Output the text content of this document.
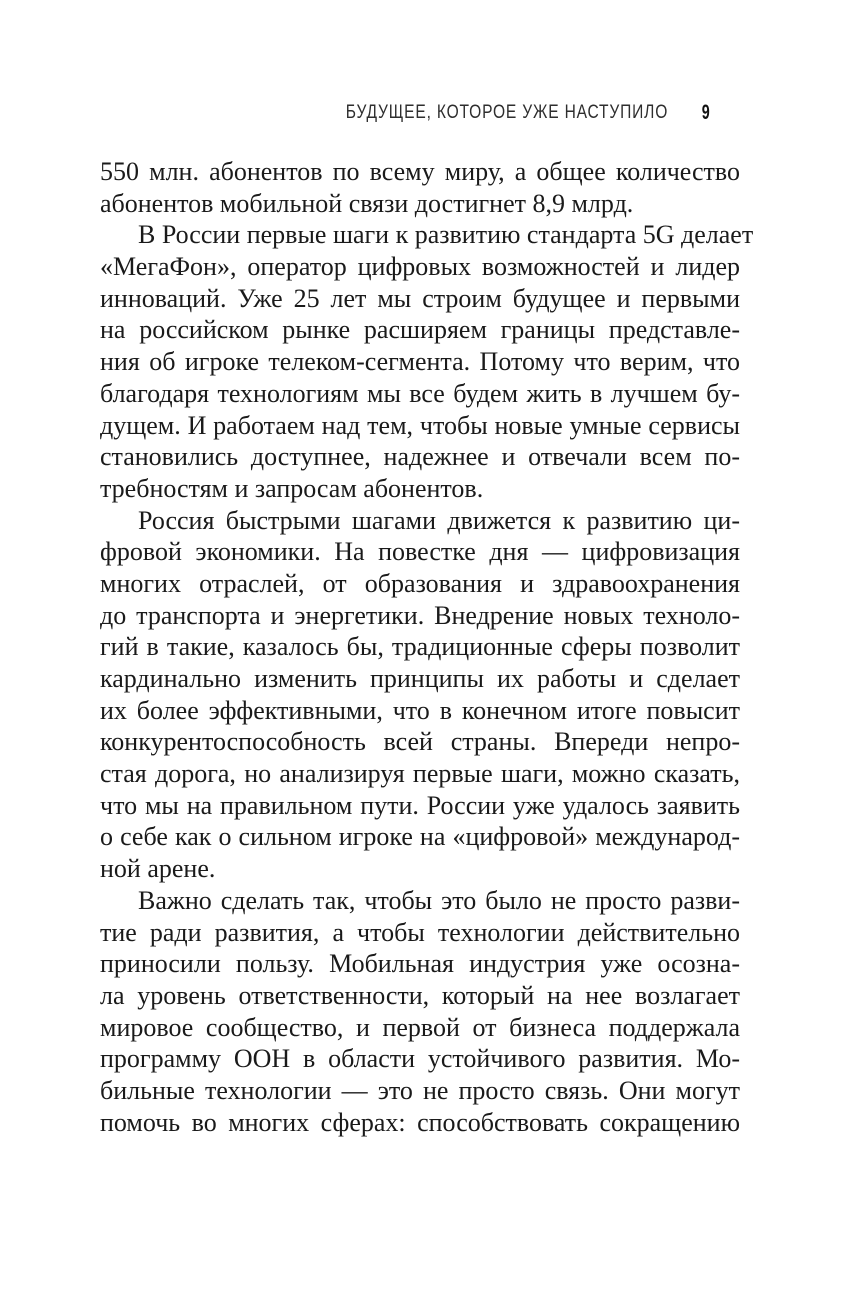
БУДУЩЕЕ, КОТОРОЕ УЖЕ НАСТУПИЛО 9
550 млн. абонентов по всему миру, а общее количество
абонентов мобильной связи достигнет 8,9 млрд.
В России первые шаги к развитию стандарта 5G делает
«МегаФон», оператор цифровых возможностей и лидер
инноваций. Уже 25 лет мы строим будущее и первыми
на российском рынке расширяем границы представле-
ния об игроке телеком-сегмента. Потому что верим, что
благодаря технологиям мы все будем жить в лучшем бу-
дущем. И работаем над тем, чтобы новые умные сервисы
становились доступнее, надежнее и отвечали всем по-
требностям и запросам абонентов.
Россия быстрыми шагами движется к развитию ци-
фровой экономики. На повестке дня — цифровизация
многих отраслей, от образования и здравоохранения
до транспорта и энергетики. Внедрение новых техноло-
гий в такие, казалось бы, традиционные сферы позволит
кардинально изменить принципы их работы и сделает
их более эффективными, что в конечном итоге повысит
конкурентоспособность всей страны. Впереди непро-
стая дорога, но анализируя первые шаги, можно сказать,
что мы на правильном пути. России уже удалось заявить
о себе как о сильном игроке на «цифровой» международ-
ной арене.
Важно сделать так, чтобы это было не просто разви-
тие ради развития, а чтобы технологии действительно
приносили пользу. Мобильная индустрия уже осозна-
ла уровень ответственности, который на нее возлагает
мировое сообщество, и первой от бизнеса поддержала
программу ООН в области устойчивого развития. Мо-
бильные технологии — это не просто связь. Они могут
помочь во многих сферах: способствовать сокращению
